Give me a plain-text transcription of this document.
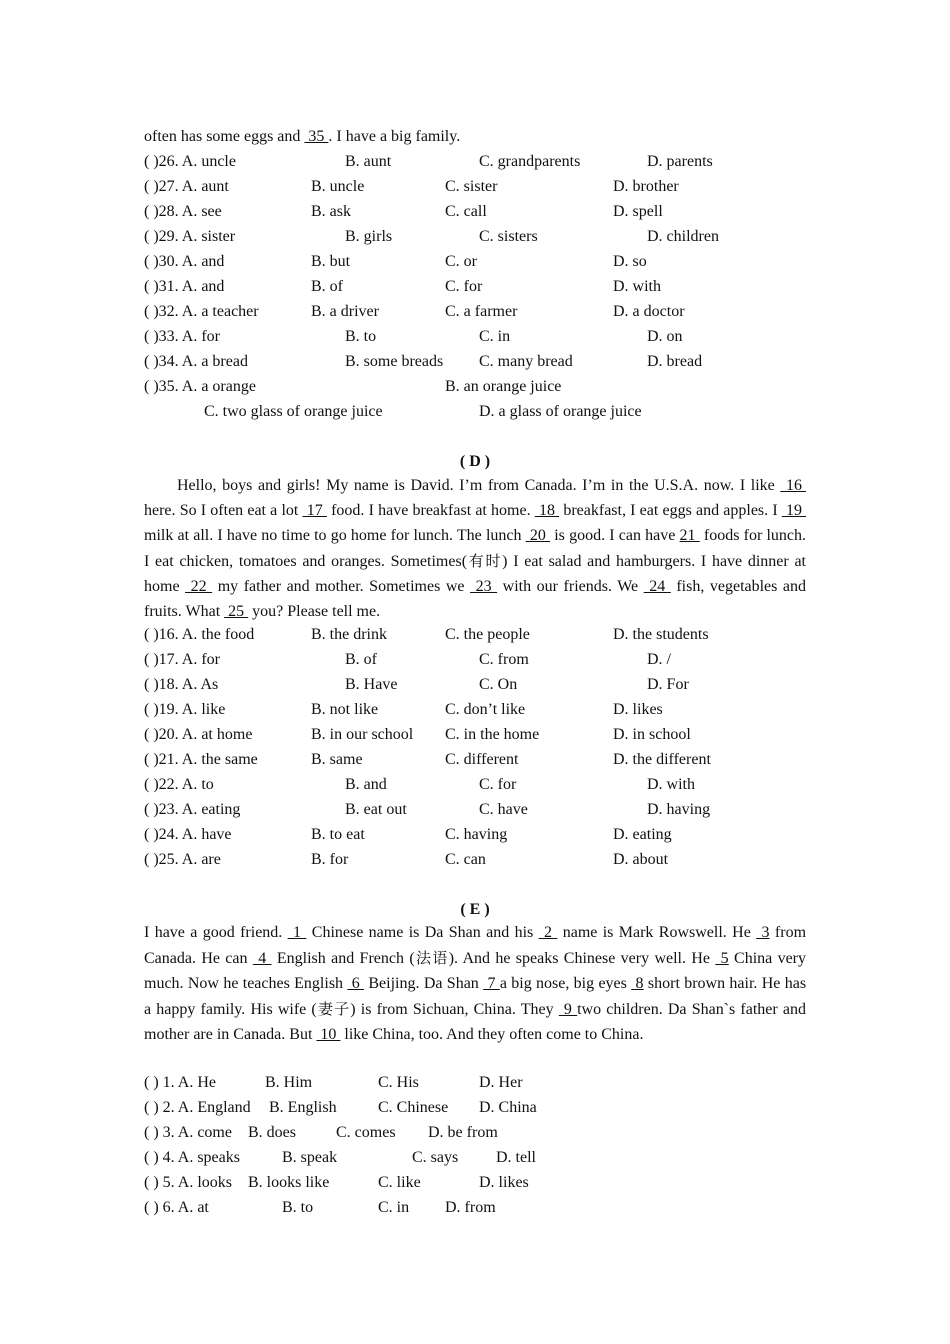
often has some eggs and  35 . I have a big family.
( )26. A. uncle	B. aunt	C. grandparents	D. parents
( )27. A. aunt	B. uncle	C. sister	D. brother
( )28. A. see	B. ask	C. call	D. spell
( )29. A. sister	B. girls	C. sisters	D. children
( )30. A. and	B. but	C. or	D. so
( )31. A. and	B. of	C. for	D. with
( )32. A. a teacher	B. a driver	C. a farmer	D. a doctor
( )33. A. for	B. to	C. in	D. on
( )34. A. a bread	B. some breads C. many bread	D. bread
( )35. A. a orange	B. an orange juice
C. two glass of orange juice	D. a glass of orange juice
( D )
Hello, boys and girls! My name is David. I’m from Canada. I’m in the U.S.A. now. I like  16  here. So I often eat a lot  17  food. I have breakfast at home.  18  breakfast, I eat eggs and apples. I  19  milk at all. I have no time to go home for lunch. The lunch  20  is good. I can have 21  foods for lunch. I eat chicken, tomatoes and oranges. Sometimes(有时) I eat salad and hamburgers. I have dinner at home  22  my father and mother. Sometimes we  23  with our friends. We  24  fish, vegetables and fruits. What  25  you? Please tell me.
( )16. A. the food	B. the drink	C. the people	D. the students
( )17. A. for	B. of	C. from	D. /
( )18. A. As	B. Have	C. On	D. For
( )19. A. like	B. not like	C. don’t like	D. likes
( )20. A. at home	B. in our school C. in the home	D. in school
( )21. A. the same	B. same	C. different	D. the different
( )22. A. to	B. and	C. for	D. with
( )23. A. eating	B. eat out	C. have	D. having
( )24. A. have	B. to eat	C. having	D. eating
( )25. A. are	B. for	C. can	D. about
( E )
I have a good friend.  1  Chinese name is Da Shan and his  2  name is Mark Rowswell. He  3 from Canada. He can  4  English and French (法语). And he speaks Chinese very well. He  5 China very much. Now he teaches English  6  Beijing. Da Shan  7 a big nose, big eyes  8 short brown hair. He has a happy family. His wife (妻子) is from Sichuan, China. They  9 two children. Da Shan`s father and mother are in Canada. But  10  like China, too. And they often come to China.
( ) 1. A. He	B. Him	C. His	D. Her
( ) 2. A. England B. English	C. Chinese D. China
( ) 3. A. come B. does	C. comes D. be from
( ) 4. A. speaks	B. speak	C. says D. tell
( ) 5. A. looks B. looks like	C. like	D. likes
( ) 6. A. at	B. to	C. in D. from
